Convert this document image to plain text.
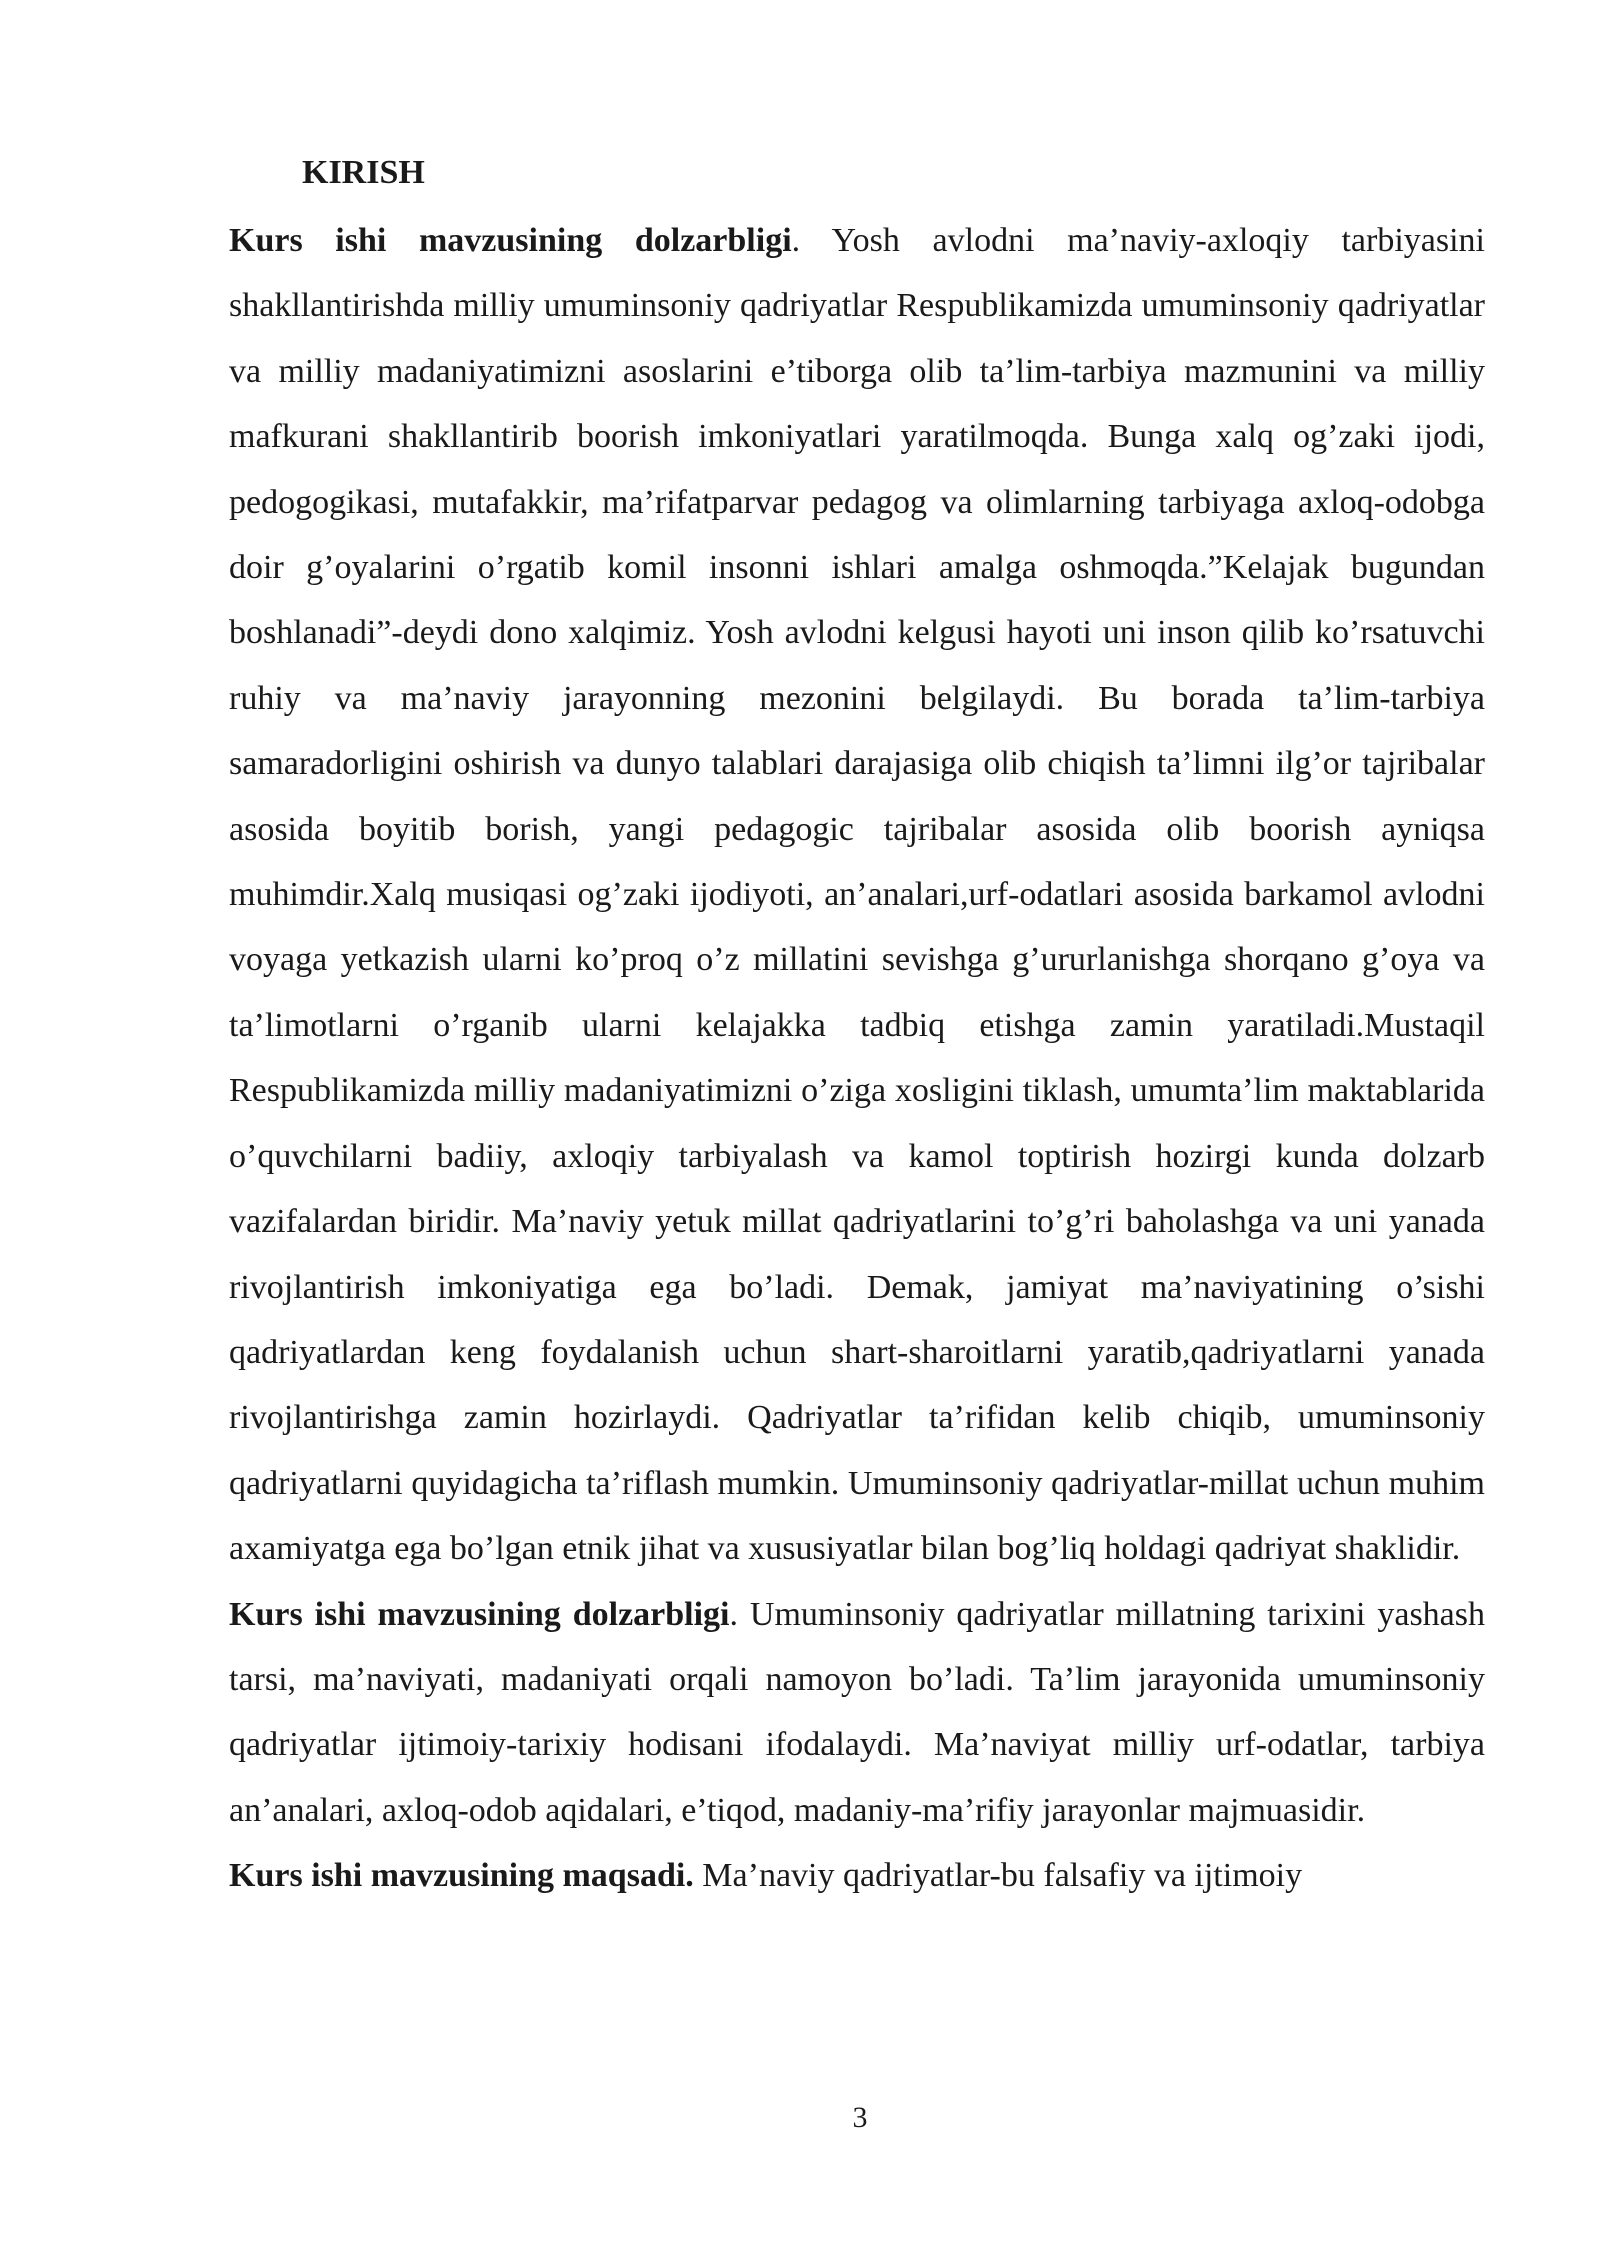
KIRISH

Kurs ishi mavzusining dolzarbligi. Yosh avlodni ma’naviy-axloqiy tarbiyasini shakllantirishda milliy umuminsoniy qadriyatlar Respublikamizda umuminsoniy qadriyatlar va milliy madaniyatimizni asoslarini e’tiborga olib ta’lim-tarbiya mazmunini va milliy mafkurani shakllantirib boorish imkoniyatlari yaratilmoqda. Bunga xalq og’zaki ijodi, pedogogikasi, mutafakkir, ma’rifatparvar pedagog va olimlarning tarbiyaga axloq-odobga doir g’oyalarini o’rgatib komil insonni ishlari amalga oshmoqda.”Kelajak bugundan boshlanadi”-deydi dono xalqimiz. Yosh avlodni kelgusi hayoti uni inson qilib ko’rsatuvchi ruhiy va ma’naviy jarayonning mezonini belgilaydi. Bu borada ta’lim-tarbiya samaradorligini oshirish va dunyo talablari darajasiga olib chiqish ta’limni ilg’or tajribalar asosida boyitib borish, yangi pedagogic tajribalar asosida olib boorish ayniqsa muhimdir.Xalq musiqasi og’zaki ijodiyoti, an’analari,urf-odatlari asosida barkamol avlodni voyaga yetkazish ularni ko’proq o’z millatini sevishga g’ururlanishga shorqano g’oya va ta’limotlarni o’rganib ularni kelajakka tadbiq etishga zamin yaratiladi.Mustaqil Respublikamizda milliy madaniyatimizni o’ziga xosligini tiklash, umumta’lim maktablarida o’quvchilarni badiiy, axloqiy tarbiyalash va kamol toptirish hozirgi kunda dolzarb vazifalardan biridir. Ma’naviy yetuk millat qadriyatlarini to’g’ri baholashga va uni yanada rivojlantirish imkoniyatiga ega bo’ladi. Demak, jamiyat ma’naviyatining o’sishi qadriyatlardan keng foydalanish uchun shart-sharoitlarni yaratib,qadriyatlarni yanada rivojlantirishga zamin hozirlaydi. Qadriyatlar ta’rifidan kelib chiqib, umuminsoniy qadriyatlarni quyidagicha ta’riflash mumkin. Umuminsoniy qadriyatlar-millat uchun muhim axamiyatga ega bo’lgan etnik jihat va xususiyatlar bilan bog’liq holdagi qadriyat shaklidir.

Kurs ishi mavzusining dolzarbligi. Umuminsoniy qadriyatlar millatning tarixini yashash tarsi, ma’naviyati, madaniyati orqali namoyon bo’ladi. Ta’lim jarayonida umuminsoniy qadriyatlar ijtimoiy-tarixiy hodisani ifodalaydi. Ma’naviyat milliy urf-odatlar, tarbiya an’analari, axloq-odob aqidalari, e’tiqod, madaniy-ma’rifiy jarayonlar majmuasidir.

Kurs ishi mavzusining maqsadi. Ma’naviy qadriyatlar-bu falsafiy va ijtimoiy

3
